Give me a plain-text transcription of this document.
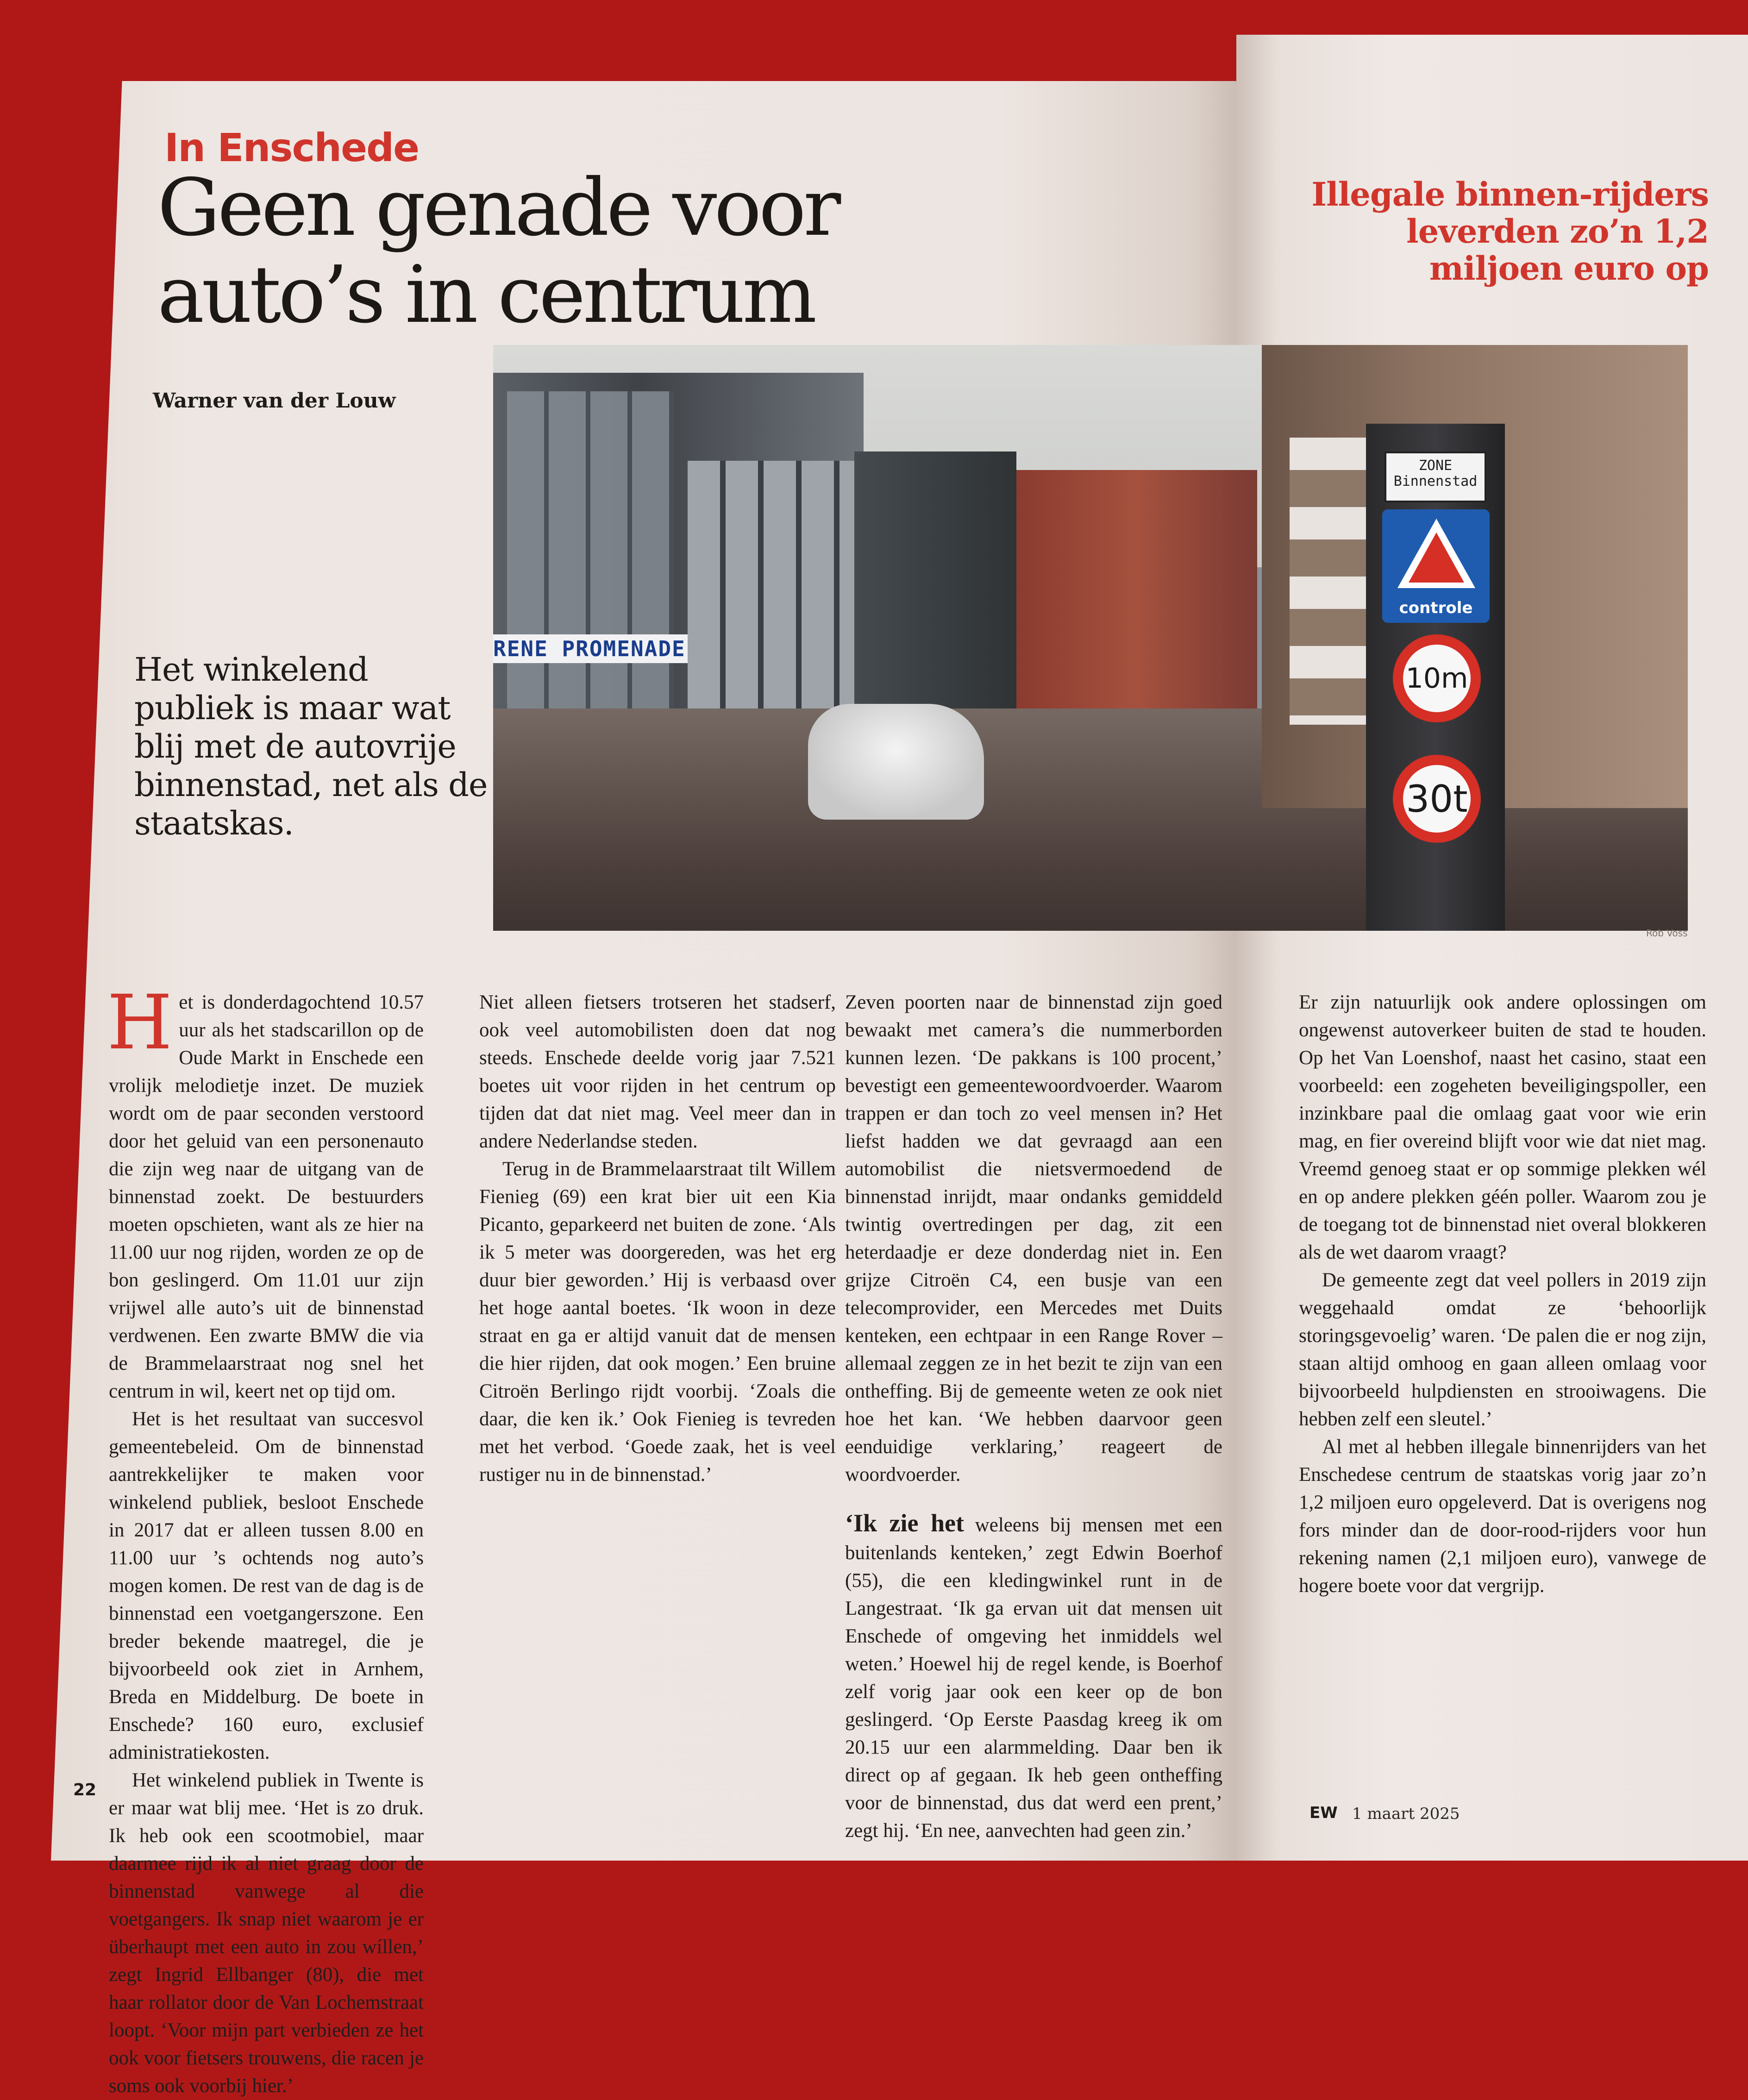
In Enschede
Geen genade voor
auto’s in centrum
Warner van der Louw
Het winkelend publiek is maar wat blij met de autovrije binnenstad, net als de staatskas.
Illegale binnen-rijders leverden zo’n 1,2 miljoen euro op
RENE PROMENADE
ZONE
Binnenstad
controle
10m
30t
Rob Voss

Het is donderdagochtend 10.57 uur als het stadscarillon op de Oude Markt in Enschede een vrolijk melodietje inzet. De muziek wordt om de paar seconden verstoord door het geluid van een personenauto die zijn weg naar de uitgang van de binnenstad zoekt. De bestuurders moeten opschieten, want als ze hier na 11.00 uur nog rijden, worden ze op de bon geslingerd. Om 11.01 uur zijn vrijwel alle auto’s uit de binnenstad verdwenen. Een zwarte BMW die via de Brammelaarstraat nog snel het centrum in wil, keert net op tijd om.

Het is het resultaat van succesvol gemeentebeleid. Om de binnenstad aantrekkelijker te maken voor winkelend publiek, besloot Enschede in 2017 dat er alleen tussen 8.00 en 11.00 uur ’s ochtends nog auto’s mogen komen. De rest van de dag is de binnenstad een voetgangerszone. Een breder bekende maatregel, die je bijvoorbeeld ook ziet in Arnhem, Breda en Middelburg. De boete in Enschede? 160 euro, exclusief administratiekosten.

Het winkelend publiek in Twente is er maar wat blij mee. ‘Het is zo druk. Ik heb ook een scootmobiel, maar daarmee rijd ik al niet graag door de binnenstad vanwege al die voetgangers. Ik snap niet waarom je er überhaupt met een auto in zou wíllen,’ zegt Ingrid Ellbanger (80), die met haar rollator door de Van Lochemstraat loopt. ‘Voor mijn part verbieden ze het ook voor fietsers trouwens, die racen je soms ook voorbij hier.’

Niet alleen fietsers trotseren het stadserf, ook veel automobilisten doen dat nog steeds. Enschede deelde vorig jaar 7.521 boetes uit voor rijden in het centrum op tijden dat dat niet mag. Veel meer dan in andere Nederlandse steden.

Terug in de Brammelaarstraat tilt Willem Fienieg (69) een krat bier uit een Kia Picanto, geparkeerd net buiten de zone. ‘Als ik 5 meter was doorgereden, was het erg duur bier geworden.’ Hij is verbaasd over het hoge aantal boetes. ‘Ik woon in deze straat en ga er altijd vanuit dat de mensen die hier rijden, dat ook mogen.’ Een bruine Citroën Berlingo rijdt voorbij. ‘Zoals die daar, die ken ik.’ Ook Fienieg is tevreden met het verbod. ‘Goede zaak, het is veel rustiger nu in de binnenstad.’

Zeven poorten naar de binnenstad zijn goed bewaakt met camera’s die nummerborden kunnen lezen. ‘De pakkans is 100 procent,’ bevestigt een gemeentewoordvoerder. Waarom trappen er dan toch zo veel mensen in? Het liefst hadden we dat gevraagd aan een automobilist die nietsvermoedend de binnenstad inrijdt, maar ondanks gemiddeld twintig overtredingen per dag, zit een heterdaadje er deze donderdag niet in. Een grijze Citroën C4, een busje van een telecomprovider, een Mercedes met Duits kenteken, een echtpaar in een Range Rover – allemaal zeggen ze in het bezit te zijn van een ontheffing. Bij de gemeente weten ze ook niet hoe het kan. ‘We hebben daarvoor geen eenduidige verklaring,’ reageert de woordvoerder.

‘Ik zie het weleens bij mensen met een buitenlands kenteken,’ zegt Edwin Boerhof (55), die een kledingwinkel runt in de Langestraat. ‘Ik ga ervan uit dat mensen uit Enschede of omgeving het inmiddels wel weten.’ Hoewel hij de regel kende, is Boerhof zelf vorig jaar ook een keer op de bon geslingerd. ‘Op Eerste Paasdag kreeg ik om 20.15 uur een alarmmelding. Daar ben ik direct op af gegaan. Ik heb geen ontheffing voor de binnenstad, dus dat werd een prent,’ zegt hij. ‘En nee, aanvechten had geen zin.’

Er zijn natuurlijk ook andere oplossingen om ongewenst autoverkeer buiten de stad te houden. Op het Van Loenshof, naast het casino, staat een voorbeeld: een zogeheten beveiligingspoller, een inzinkbare paal die omlaag gaat voor wie erin mag, en fier overeind blijft voor wie dat niet mag. Vreemd genoeg staat er op sommige plekken wél en op andere plekken géén poller. Waarom zou je de toegang tot de binnenstad niet overal blokkeren als de wet daarom vraagt?

De gemeente zegt dat veel pollers in 2019 zijn weggehaald omdat ze ‘behoorlijk storingsgevoelig’ waren. ‘De palen die er nog zijn, staan altijd omhoog en gaan alleen omlaag voor bijvoorbeeld hulpdiensten en strooiwagens. Die hebben zelf een sleutel.’

Al met al hebben illegale binnenrijders van het Enschedese centrum de staatskas vorig jaar zo’n 1,2 miljoen euro opgeleverd. Dat is overigens nog fors minder dan de door-rood-rijders voor hun rekening namen (2,1 miljoen euro), vanwege de hogere boete voor dat vergrijp.

22
EW 1 maart 2025
